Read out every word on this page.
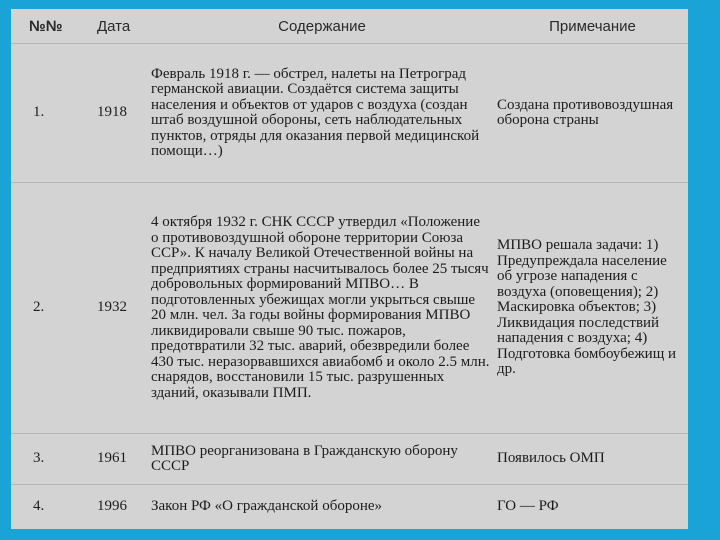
№№	Дата	Содержание	Примечание
1.	1918	Февраль 1918 г. — обстрел, налеты на Петроград германской авиации. Создаётся система защиты населения и объектов от ударов с воздуха (создан штаб воздушной обороны, сеть наблюдательных пунктов, отряды для оказания первой медицинской помощи…)	Создана противовоздушная оборона страны
2.	1932	4 октября 1932 г. СНК СССР утвердил «Положение о противовоздушной обороне территории Союза ССР». К началу Великой Отечественной войны на предприятиях страны насчитывалось более 25 тысяч добровольных формирований МПВО… В подготовленных убежищах могли укрыться свыше 20 млн. чел. За годы войны формирования МПВО ликвидировали свыше 90 тыс. пожаров, предотвратили 32 тыс. аварий, обезвредили более 430 тыс. неразорвавшихся авиабомб и около 2.5 млн. снарядов, восстановили 15 тыс. разрушенных зданий, оказывали ПМП.	МПВО решала задачи: 1) Предупреждала население об угрозе нападения с воздуха (оповещения); 2) Маскировка объектов; 3) Ликвидация последствий нападения с воздуха; 4) Подготовка бомбоубежищ и др.
3.	1961	МПВО реорганизована в Гражданскую оборону СССР	Появилось ОМП
4.	1996	Закон РФ «О гражданской обороне»	ГО — РФ
